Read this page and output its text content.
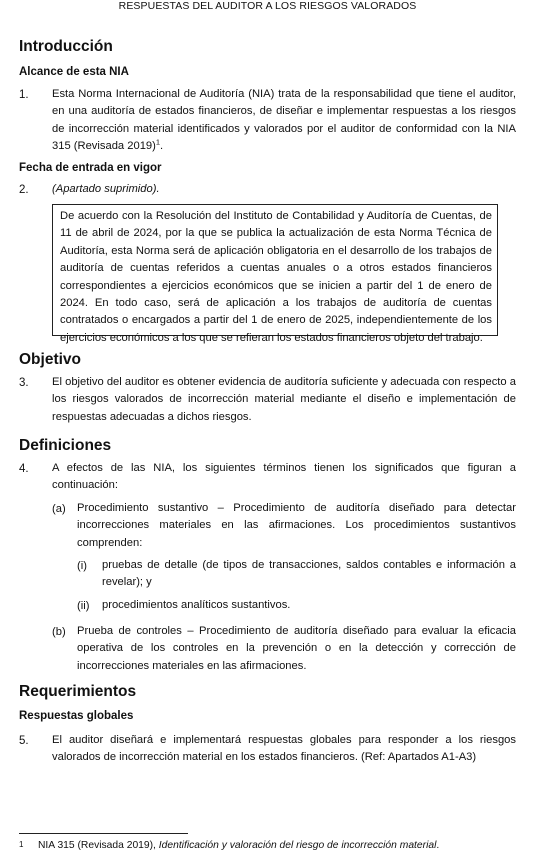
RESPUESTAS DEL AUDITOR A LOS RIESGOS VALORADOS
Introducción
Alcance de esta NIA
1. Esta Norma Internacional de Auditoría (NIA) trata de la responsabilidad que tiene el auditor, en una auditoría de estados financieros, de diseñar e implementar respuestas a los riesgos de incorrección material identificados y valorados por el auditor de conformidad con la NIA 315 (Revisada 2019)$^1$.
Fecha de entrada en vigor
2. (Apartado suprimido).
De acuerdo con la Resolución del Instituto de Contabilidad y Auditoría de Cuentas, de 11 de abril de 2024, por la que se publica la actualización de esta Norma Técnica de Auditoría, esta Norma será de aplicación obligatoria en el desarrollo de los trabajos de auditoría de cuentas referidos a cuentas anuales o a otros estados financieros correspondientes a ejercicios económicos que se inicien a partir del 1 de enero de 2024. En todo caso, será de aplicación a los trabajos de auditoría de cuentas contratados o encargados a partir del 1 de enero de 2025, independientemente de los ejercicios económicos a los que se refieran los estados financieros objeto del trabajo.
Objetivo
3. El objetivo del auditor es obtener evidencia de auditoría suficiente y adecuada con respecto a los riesgos valorados de incorrección material mediante el diseño e implementación de respuestas adecuadas a dichos riesgos.
Definiciones
4. A efectos de las NIA, los siguientes términos tienen los significados que figuran a continuación:
(a) Procedimiento sustantivo – Procedimiento de auditoría diseñado para detectar incorrecciones materiales en las afirmaciones. Los procedimientos sustantivos comprenden:
(i) pruebas de detalle (de tipos de transacciones, saldos contables e información a revelar); y
(ii) procedimientos analíticos sustantivos.
(b) Prueba de controles – Procedimiento de auditoría diseñado para evaluar la eficacia operativa de los controles en la prevención o en la detección y corrección de incorrecciones materiales en las afirmaciones.
Requerimientos
Respuestas globales
5. El auditor diseñará e implementará respuestas globales para responder a los riesgos valorados de incorrección material en los estados financieros. (Ref: Apartados A1-A3)
1 NIA 315 (Revisada 2019), Identificación y valoración del riesgo de incorrección material.
